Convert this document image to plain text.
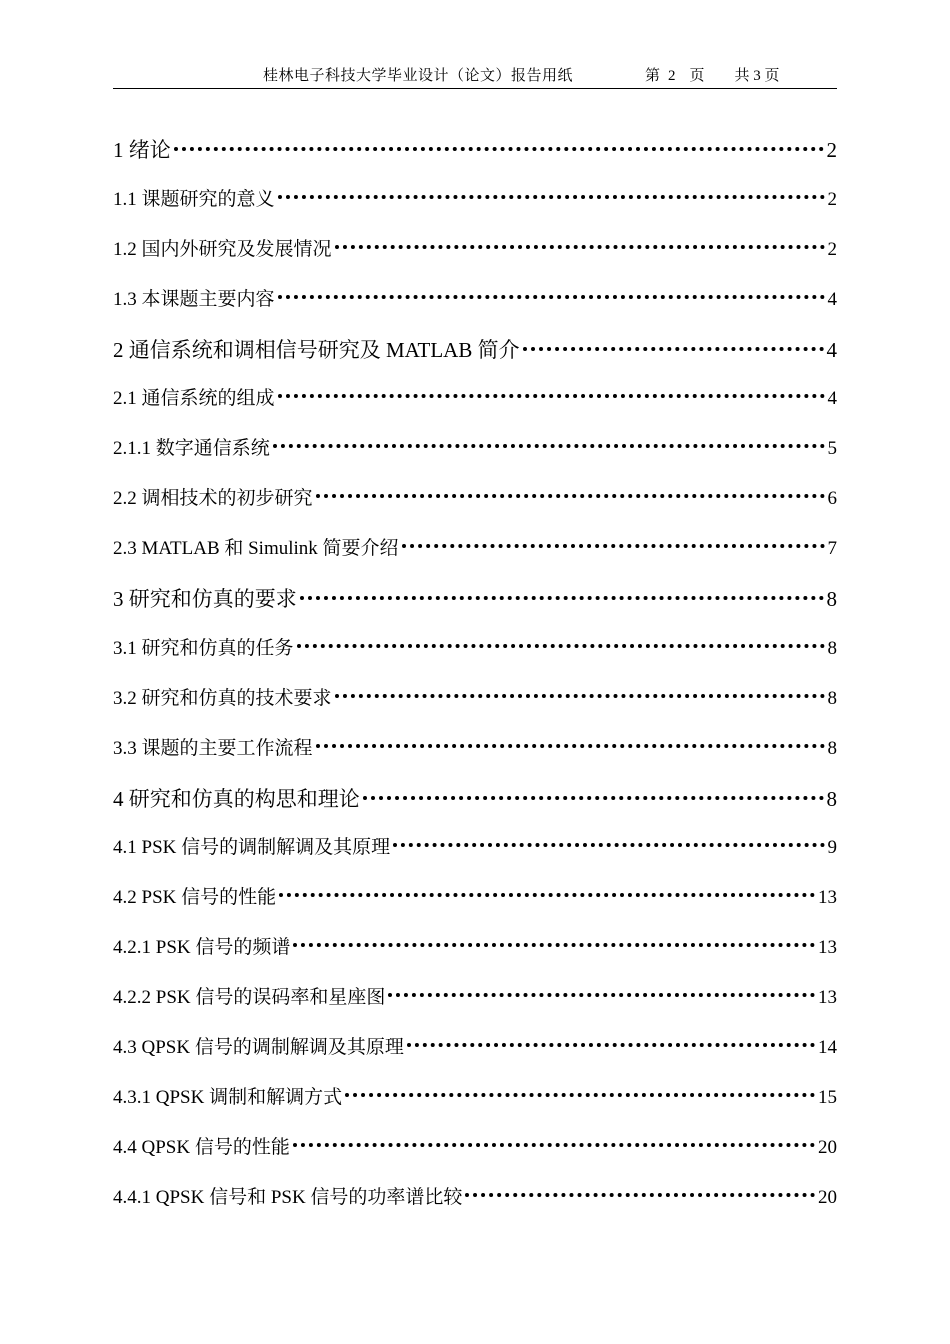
桂林电子科技大学毕业设计（论文）报告用纸	第 2 页 共 3 页
1 绪论	2
1.1 课题研究的意义	2
1.2 国内外研究及发展情况	2
1.3 本课题主要内容	4
2 通信系统和调相信号研究及 MATLAB 简介	4
2.1 通信系统的组成	4
2.1.1 数字通信系统	5
2.2 调相技术的初步研究	6
2.3 MATLAB 和 Simulink 简要介绍	7
3 研究和仿真的要求	8
3.1 研究和仿真的任务	8
3.2 研究和仿真的技术要求	8
3.3 课题的主要工作流程	8
4 研究和仿真的构思和理论	8
4.1 PSK 信号的调制解调及其原理	9
4.2 PSK 信号的性能	13
4.2.1 PSK 信号的频谱	13
4.2.2 PSK 信号的误码率和星座图	13
4.3 QPSK 信号的调制解调及其原理	14
4.3.1 QPSK 调制和解调方式	15
4.4 QPSK 信号的性能	20
4.4.1 QPSK 信号和 PSK 信号的功率谱比较	20
